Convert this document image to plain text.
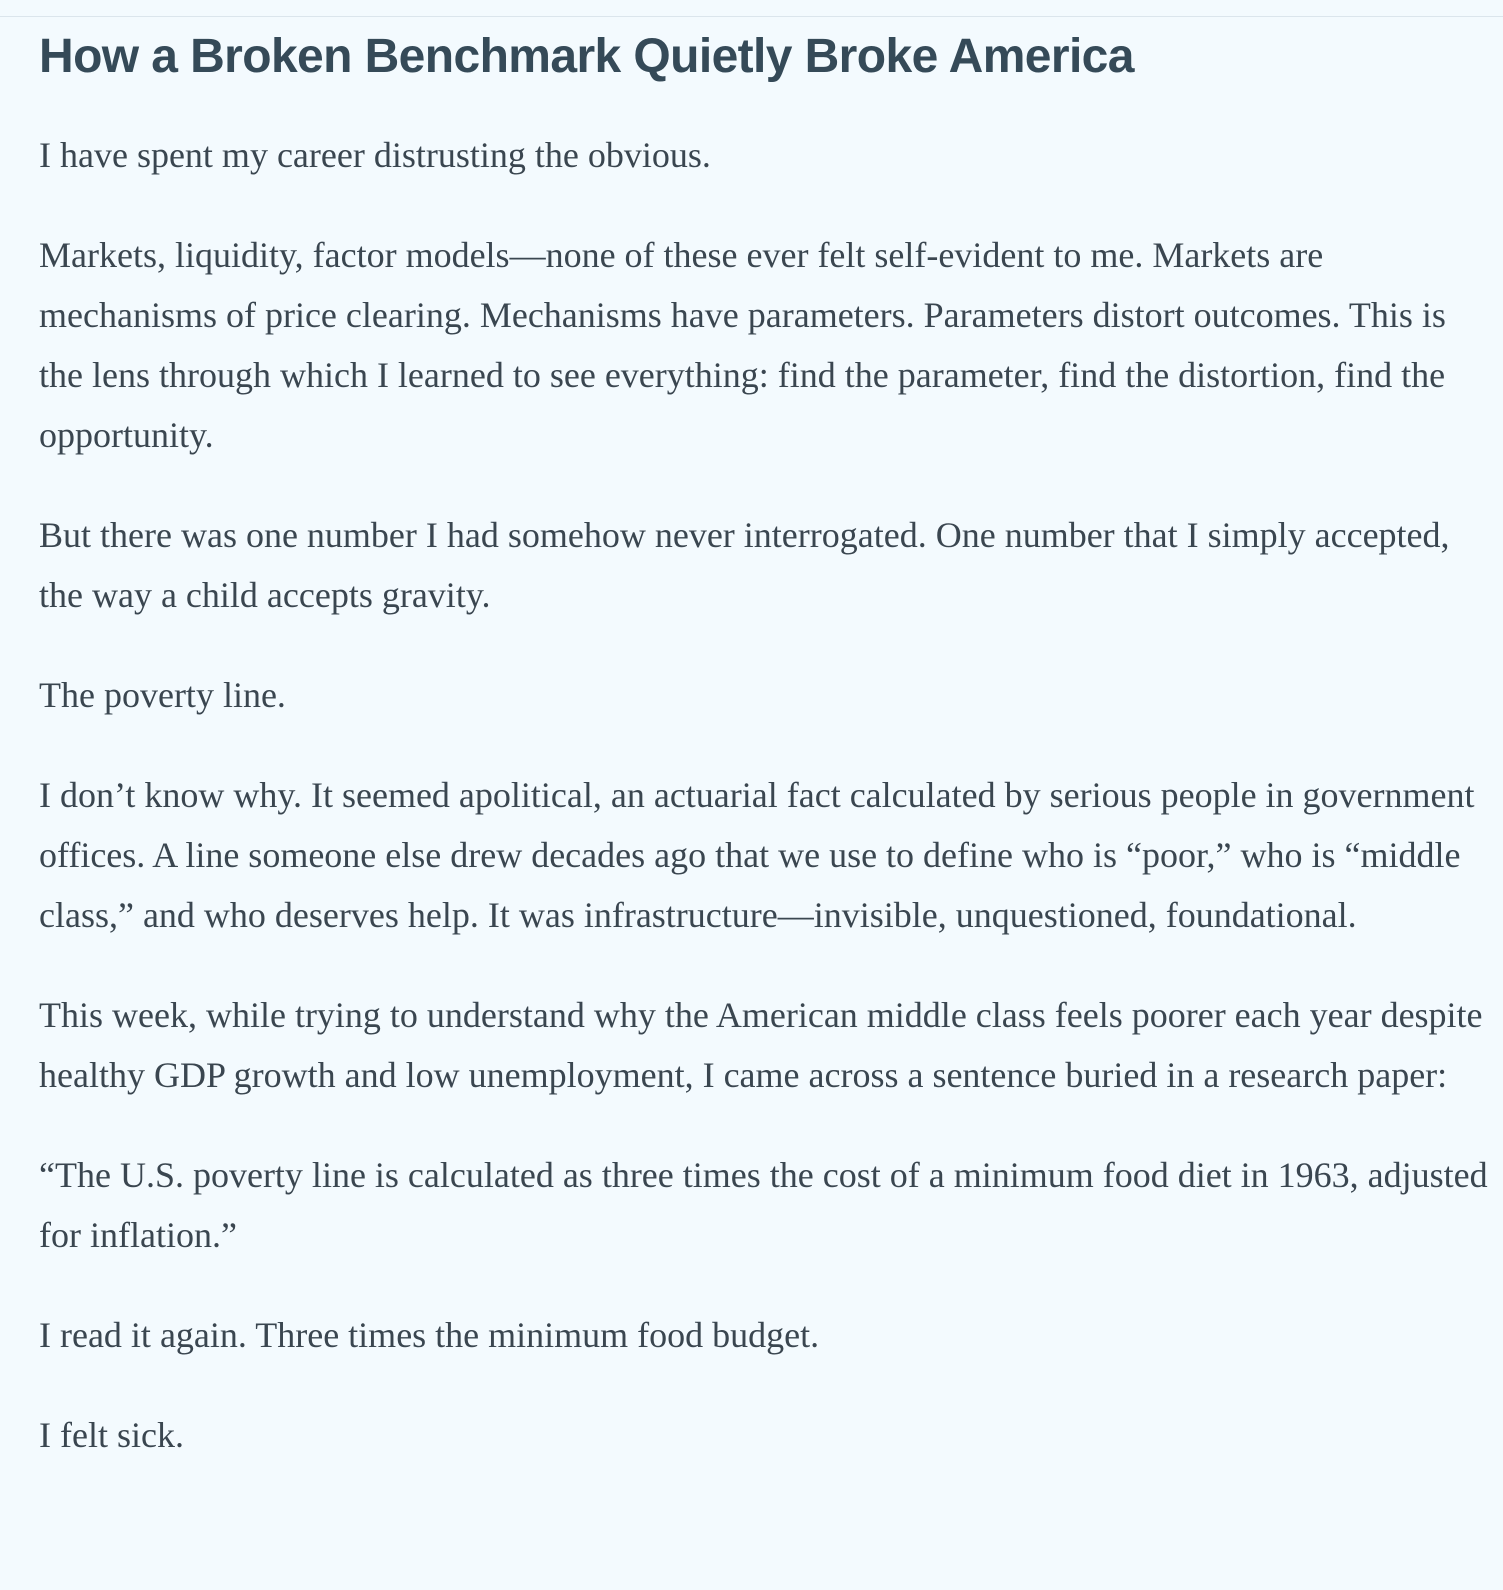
How a Broken Benchmark Quietly Broke America

I have spent my career distrusting the obvious.

Markets, liquidity, factor models—none of these ever felt self-evident to me. Markets are mechanisms of price clearing. Mechanisms have parameters. Parameters distort outcomes. This is the lens through which I learned to see everything: find the parameter, find the distortion, find the opportunity.

But there was one number I had somehow never interrogated. One number that I simply accepted, the way a child accepts gravity.

The poverty line.

I don’t know why. It seemed apolitical, an actuarial fact calculated by serious people in government offices. A line someone else drew decades ago that we use to define who is “poor,” who is “middle class,” and who deserves help. It was infrastructure—invisible, unquestioned, foundational.

This week, while trying to understand why the American middle class feels poorer each year despite healthy GDP growth and low unemployment, I came across a sentence buried in a research paper:

“The U.S. poverty line is calculated as three times the cost of a minimum food diet in 1963, adjusted for inflation.”

I read it again. Three times the minimum food budget.

I felt sick.
